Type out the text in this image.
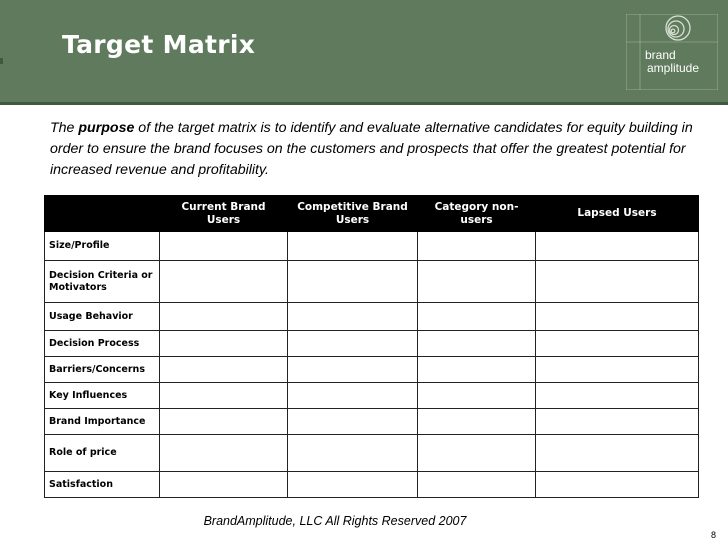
Target Matrix	brand
amplitude
The purpose of the target matrix is to identify and evaluate alternative candidates for equity building in order to ensure the brand focuses on the customers and prospects that offer the greatest potential for increased revenue and profitability.
	Current Brand Users	Competitive Brand Users	Category non-users	Lapsed Users
Size/Profile				
Decision Criteria or Motivators				
Usage Behavior				
Decision Process				
Barriers/Concerns				
Key Influences				
Brand Importance				
Role of price				
Satisfaction				
BrandAmplitude, LLC All Rights Reserved 2007
8
